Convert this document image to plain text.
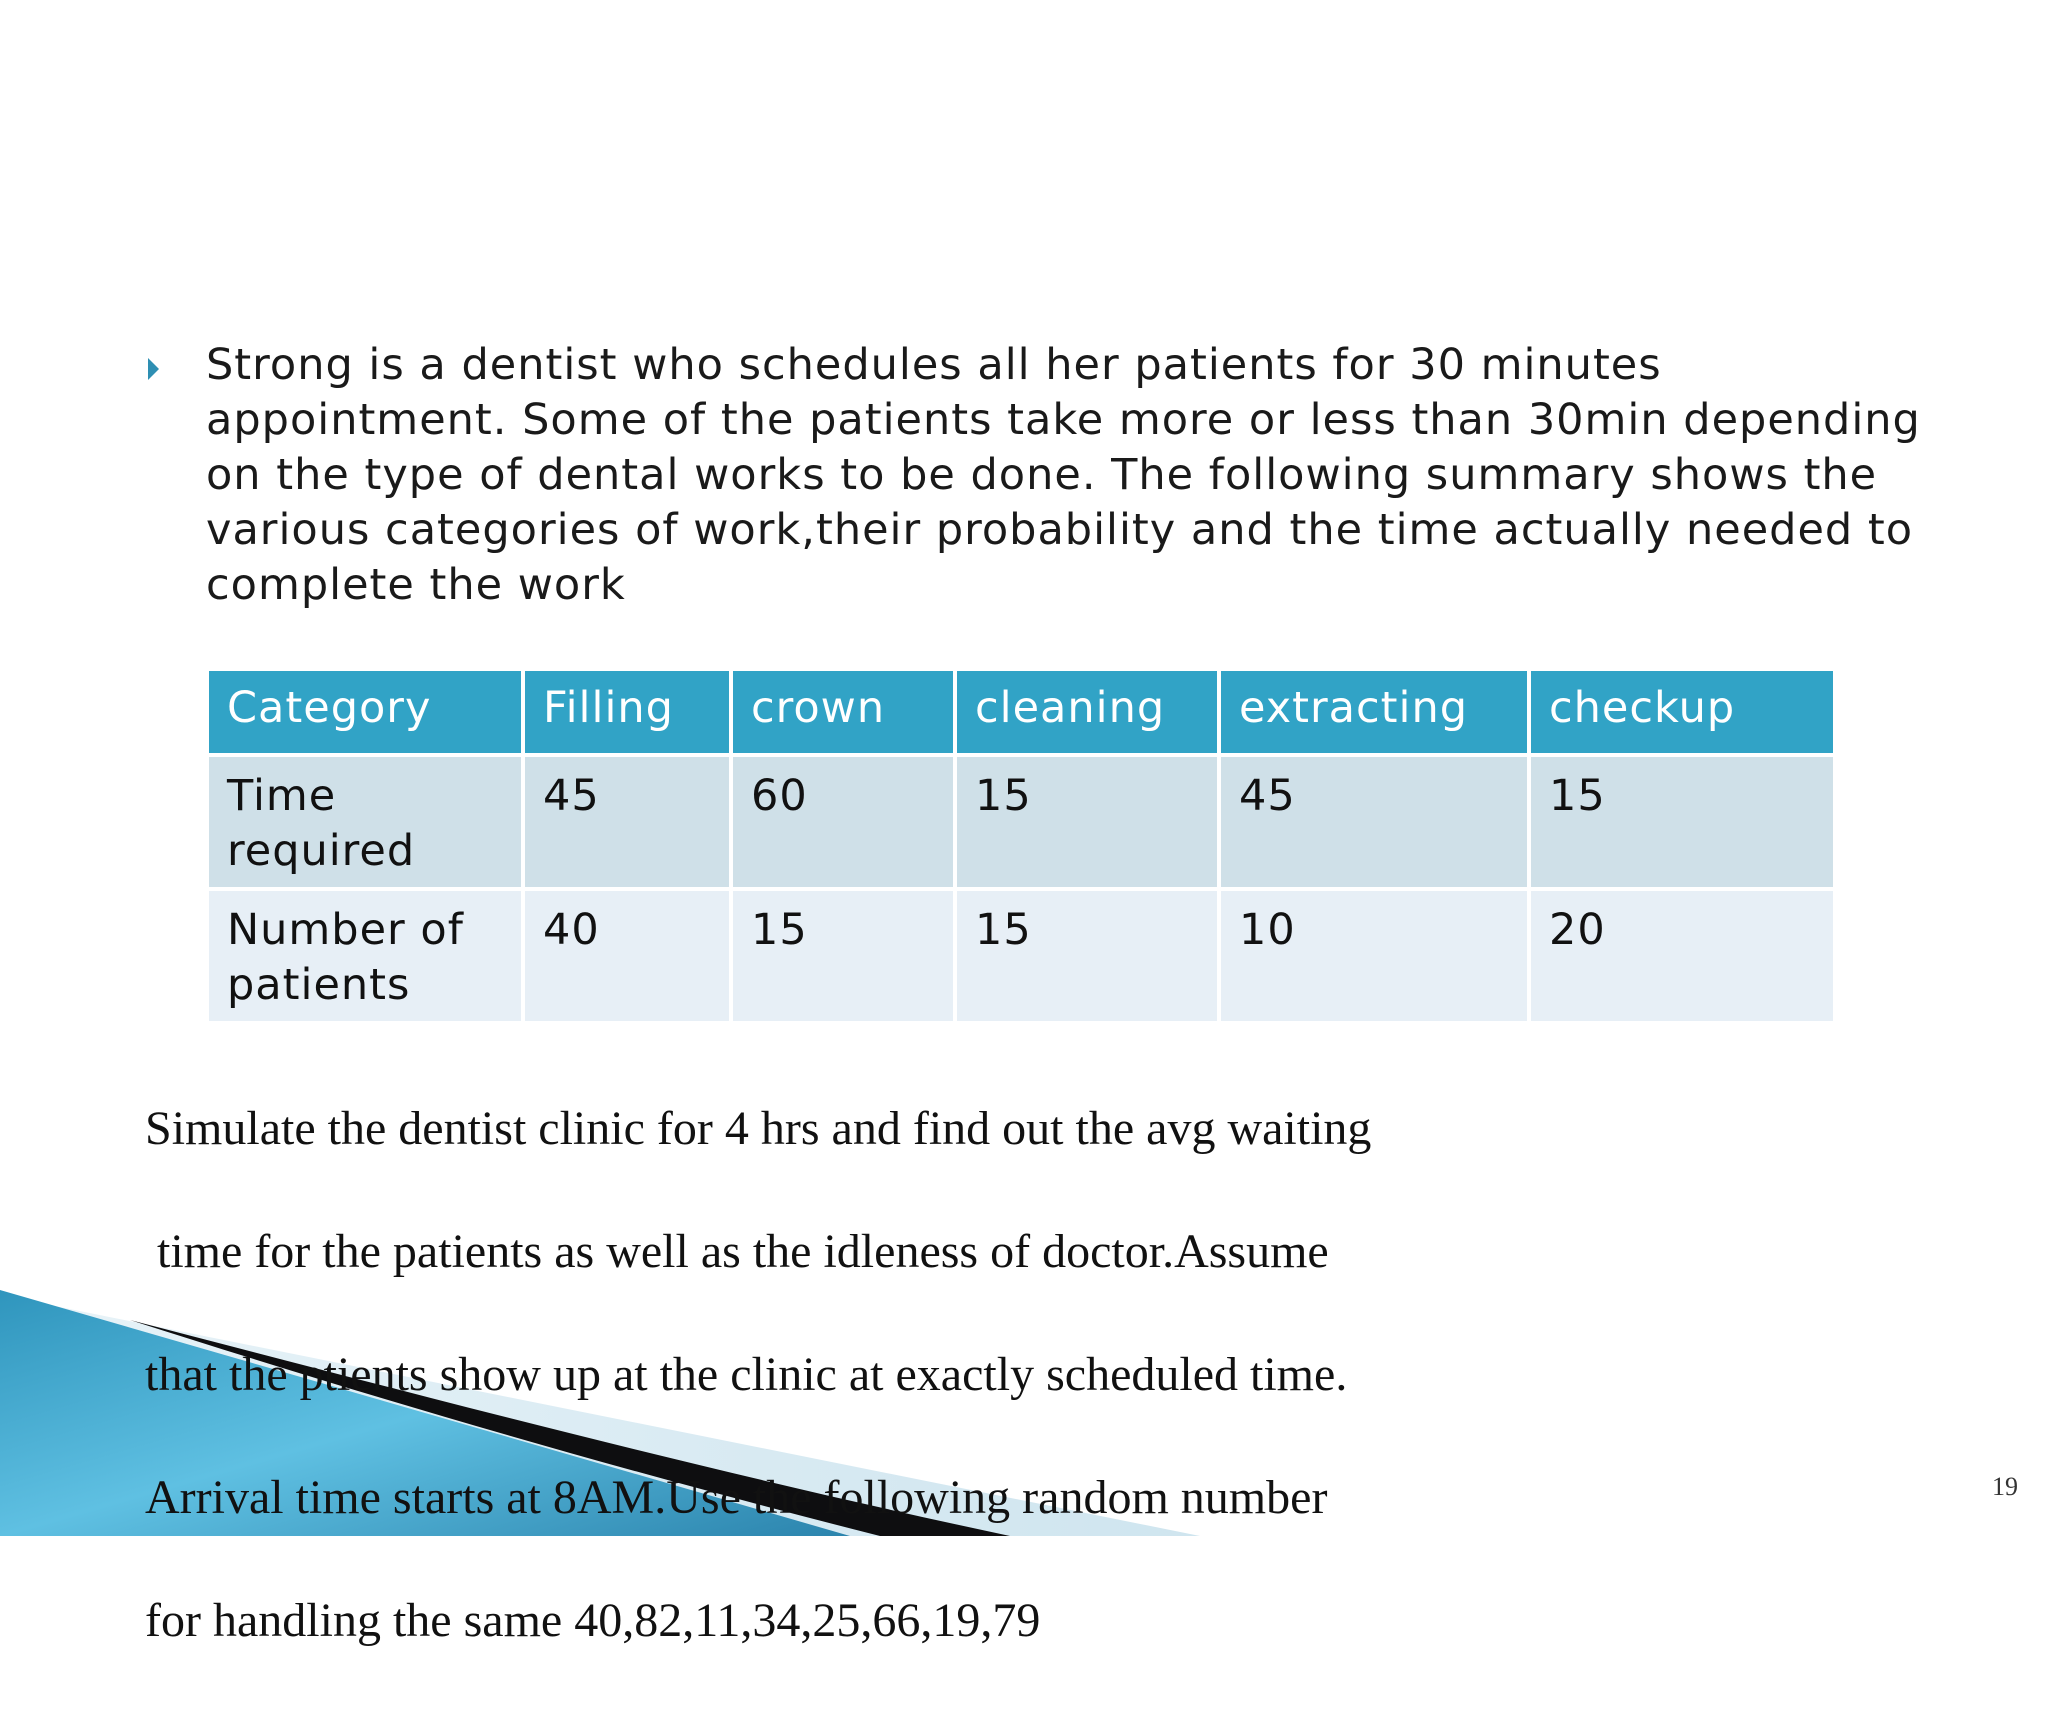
Strong is a dentist who schedules all her patients for 30 minutes appointment. Some of the patients take more or less than 30min depending on the type of dental works to be done. The following summary shows the various categories of work,their probability and the time actually needed to complete the work
Category	Filling	crown	cleaning	extracting	checkup
Time required	45	60	15	45	15
Number of patients	40	15	15	10	20

Simulate the dentist clinic for 4 hrs and find out the avg waiting

time for the patients as well as the idleness of doctor.Assume

that the ptients show up at the clinic at exactly scheduled time.

Arrival time starts at 8AM.Use the following random number

for handling the same 40,82,11,34,25,66,19,79

19
